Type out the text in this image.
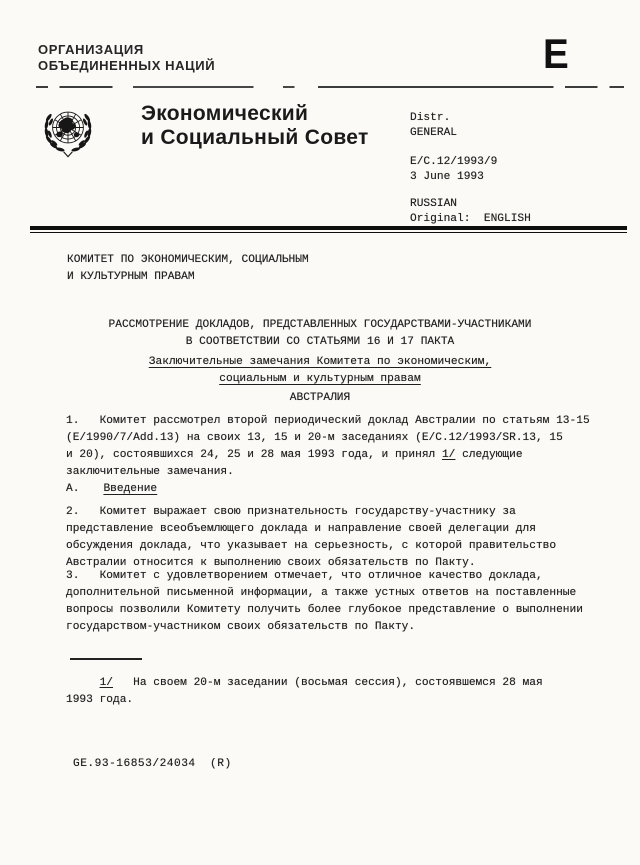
ОРГАНИЗАЦИЯ
ОБЪЕДИНЕННЫХ НАЦИЙ	E
Экономический
и Социальный Совет
Distr.
GENERAL
E/C.12/1993/9
3 June 1993
RUSSIAN
Original:  ENGLISH
КОМИТЕТ ПО ЭКОНОМИЧЕСКИМ, СОЦИАЛЬНЫМ
И КУЛЬТУРНЫМ ПРАВАМ
РАССМОТРЕНИЕ ДОКЛАДОВ, ПРЕДСТАВЛЕННЫХ ГОСУДАРСТВАМИ-УЧАСТНИКАМИ
В СООТВЕТСТВИИ СО СТАТЬЯМИ 16 И 17 ПАКТА
Заключительные замечания Комитета по экономическим,
социальным и культурным правам
АВСТРАЛИЯ
1.   Комитет рассмотрел второй периодический доклад Австралии по статьям 13-15
(E/1990/7/Add.13) на своих 13, 15 и 20-м заседаниях (E/C.12/1993/SR.13, 15
и 20), состоявшихся 24, 25 и 28 мая 1993 года, и принял 1/ следующие
заключительные замечания.
A. Введение
2.   Комитет выражает свою признательность государству-участнику за
представление всеобъемлющего доклада и направление своей делегации для
обсуждения доклада, что указывает на серьезность, с которой правительство
Австралии относится к выполнению своих обязательств по Пакту.
3.   Комитет с удовлетворением отмечает, что отличное качество доклада,
дополнительной письменной информации, а также устных ответов на поставленные
вопросы позволили Комитету получить более глубокое представление о выполнении
государством-участником своих обязательств по Пакту.
1/   На своем 20-м заседании (восьмая сессия), состоявшемся 28 мая
1993 года.
GE.93-16853/24034  (R)
